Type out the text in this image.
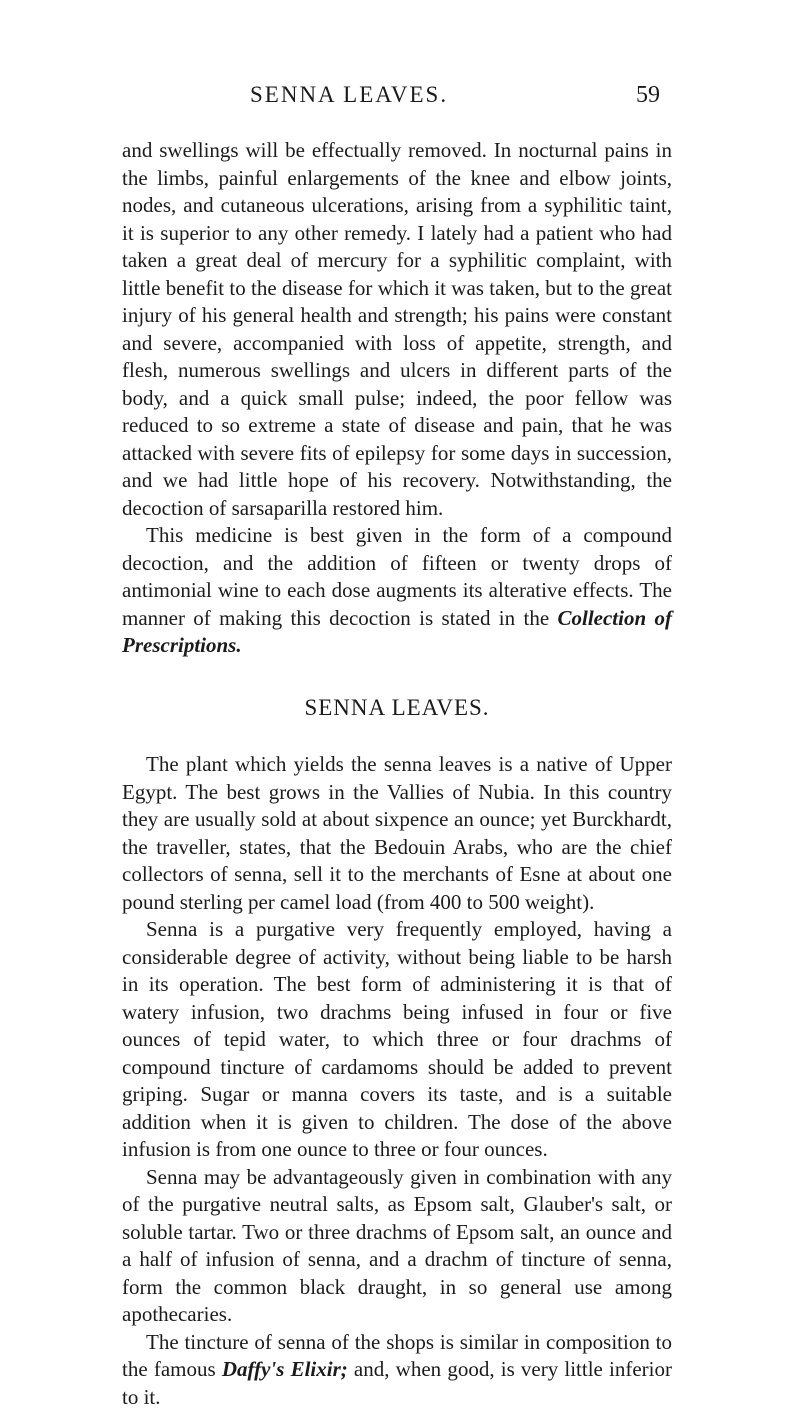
SENNA LEAVES.	59

and swellings will be effectually removed. In nocturnal pains in the limbs, painful enlargements of the knee and elbow joints, nodes, and cutaneous ulcerations, arising from a syphilitic taint, it is superior to any other remedy. I lately had a patient who had taken a great deal of mercury for a syphilitic complaint, with little benefit to the disease for which it was taken, but to the great injury of his general health and strength; his pains were constant and severe, accompanied with loss of appetite, strength, and flesh, numerous swellings and ulcers in different parts of the body, and a quick small pulse; indeed, the poor fellow was reduced to so extreme a state of disease and pain, that he was attacked with severe fits of epilepsy for some days in succession, and we had little hope of his recovery. Notwithstanding, the decoction of sarsaparilla restored him.

This medicine is best given in the form of a compound decoction, and the addition of fifteen or twenty drops of antimonial wine to each dose augments its alterative effects. The manner of making this decoction is stated in the Collection of Prescriptions.

SENNA LEAVES.

The plant which yields the senna leaves is a native of Upper Egypt. The best grows in the Vallies of Nubia. In this country they are usually sold at about sixpence an ounce; yet Burckhardt, the traveller, states, that the Bedouin Arabs, who are the chief collectors of senna, sell it to the merchants of Esne at about one pound sterling per camel load (from 400 to 500 weight).

Senna is a purgative very frequently employed, having a considerable degree of activity, without being liable to be harsh in its operation. The best form of administering it is that of watery infusion, two drachms being infused in four or five ounces of tepid water, to which three or four drachms of compound tincture of cardamoms should be added to prevent griping. Sugar or manna covers its taste, and is a suitable addition when it is given to children. The dose of the above infusion is from one ounce to three or four ounces.

Senna may be advantageously given in combination with any of the purgative neutral salts, as Epsom salt, Glauber's salt, or soluble tartar. Two or three drachms of Epsom salt, an ounce and a half of infusion of senna, and a drachm of tincture of senna, form the common black draught, in so general use among apothecaries.

The tincture of senna of the shops is similar in composition to the famous Daffy's Elixir; and, when good, is very little inferior to it.
